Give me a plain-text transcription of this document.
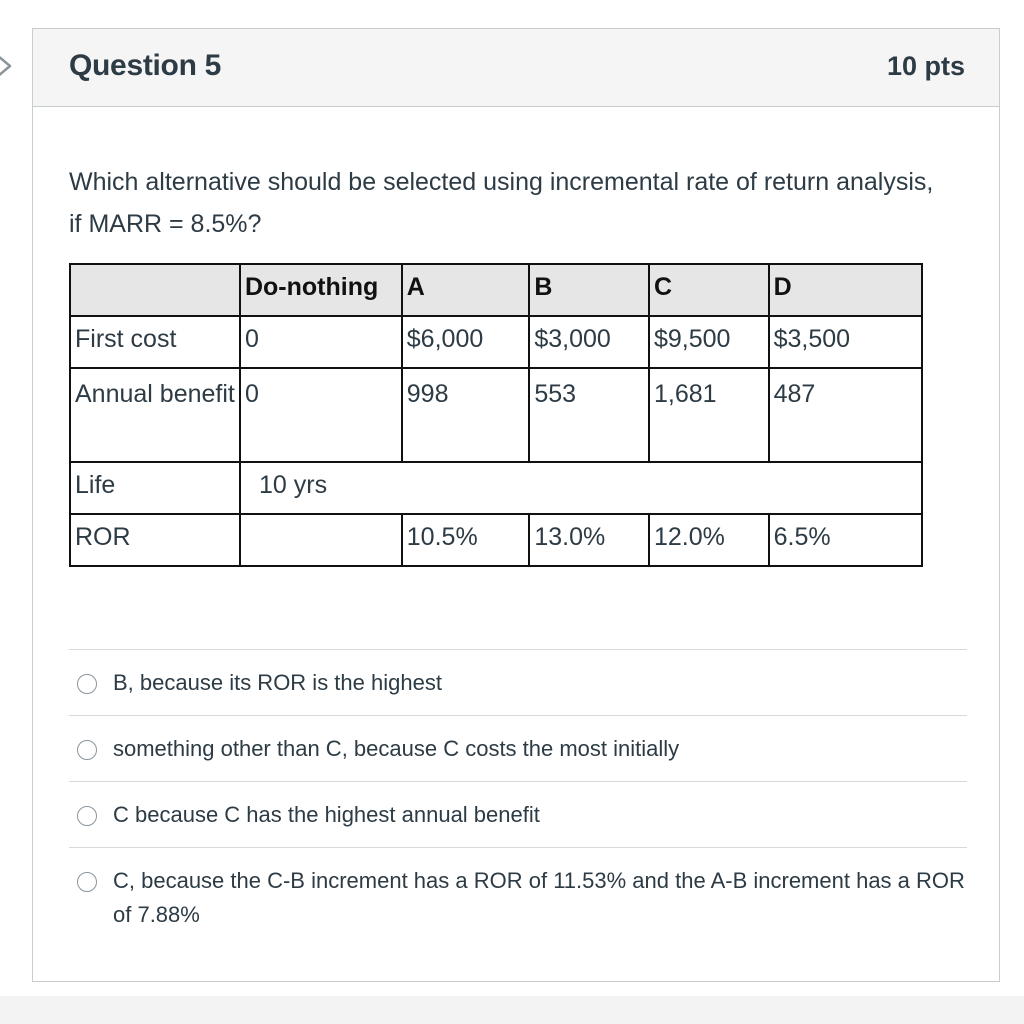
Question 5	10 pts
Which alternative should be selected using incremental rate of return analysis, if MARR = 8.5%?
	Do-nothing	A	B	C	D
First cost	0	$6,000	$3,000	$9,500	$3,500
Annual benefit	0	998	553	1,681	487
Life	10 yrs				
ROR		10.5%	13.0%	12.0%	6.5%
B, because its ROR is the highest
something other than C, because C costs the most initially
C because C has the highest annual benefit
C, because the C-B increment has a ROR of 11.53% and the A-B increment has a ROR of 7.88%
